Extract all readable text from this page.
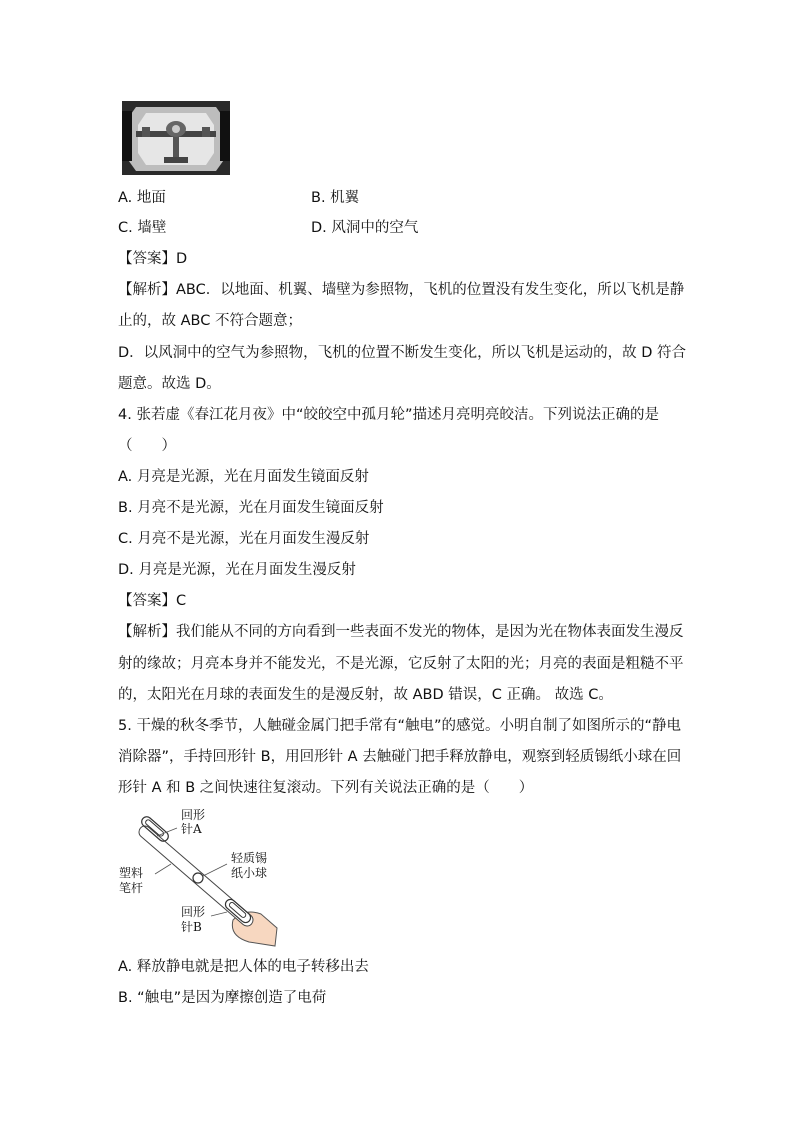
A. 地面	B. 机翼
C. 墙壁	D. 风洞中的空气
【答案】D
【解析】ABC．以地面、机翼、墙壁为参照物，飞机的位置没有发生变化，所以飞机是静
止的，故 ABC 不符合题意；
D．以风洞中的空气为参照物，飞机的位置不断发生变化，所以飞机是运动的，故 D 符合
题意。故选 D。
4. 张若虚《春江花月夜》中“皎皎空中孤月轮”描述月亮明亮皎洁。下列说法正确的是
（　　）
A. 月亮是光源，光在月面发生镜面反射
B. 月亮不是光源，光在月面发生镜面反射
C. 月亮不是光源，光在月面发生漫反射
D. 月亮是光源，光在月面发生漫反射
【答案】C
【解析】我们能从不同的方向看到一些表面不发光的物体，是因为光在物体表面发生漫反
射的缘故；月亮本身并不能发光，不是光源，它反射了太阳的光；月亮的表面是粗糙不平
的，太阳光在月球的表面发生的是漫反射，故 ABD 错误，C 正确。 故选 C。
5. 干燥的秋冬季节，人触碰金属门把手常有“触电”的感觉。小明自制了如图所示的“静电
消除器”，手持回形针 B，用回形针 A 去触碰门把手释放静电，观察到轻质锡纸小球在回
形针 A 和 B 之间快速往复滚动。下列有关说法正确的是（　　）
回形
针A
轻质锡
纸小球
塑料
笔杆
回形
针B
A. 释放静电就是把人体的电子转移出去
B. “触电”是因为摩擦创造了电荷
